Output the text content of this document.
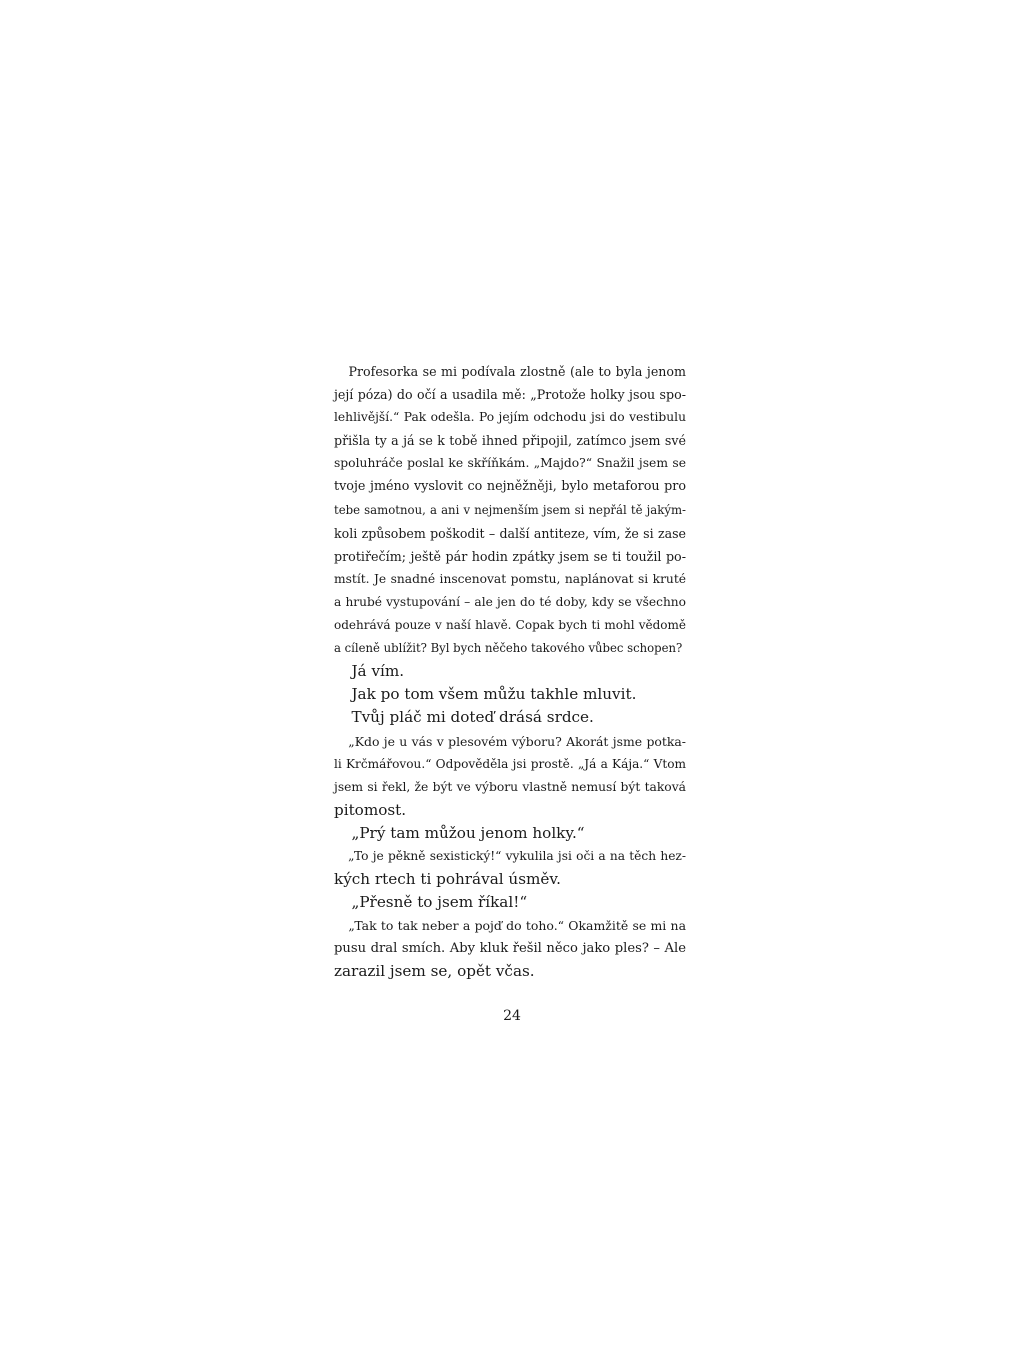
Profesorka se mi podívala zlostně (ale to byla jenom
její póza) do očí a usadila mě: „Protože holky jsou spo-
lehlivější.“ Pak odešla. Po jejím odchodu jsi do vestibulu
přišla ty a já se k tobě ihned připojil, zatímco jsem své
spoluhráče poslal ke skříňkám. „Majdo?“ Snažil jsem se
tvoje jméno vyslovit co nejněžněji, bylo metaforou pro
tebe samotnou, a ani v nejmenším jsem si nepřál tě jakým-
koli způsobem poškodit – další antiteze, vím, že si zase
protiřečím; ještě pár hodin zpátky jsem se ti toužil po-
mstít. Je snadné inscenovat pomstu, naplánovat si kruté
a hrubé vystupování – ale jen do té doby, kdy se všechno
odehrává pouze v naší hlavě. Copak bych ti mohl vědomě
a cíleně ublížit? Byl bych něčeho takového vůbec schopen?
Já vím.
Jak po tom všem můžu takhle mluvit.
Tvůj pláč mi doteď drásá srdce.
„Kdo je u vás v plesovém výboru? Akorát jsme potka-
li Krčmářovou.“ Odpověděla jsi prostě. „Já a Kája.“ Vtom
jsem si řekl, že být ve výboru vlastně nemusí být taková
pitomost.
„Prý tam můžou jenom holky.“
„To je pěkně sexistický!“ vykulila jsi oči a na těch hez-
kých rtech ti pohrával úsměv.
„Přesně to jsem říkal!“
„Tak to tak neber a pojď do toho.“ Okamžitě se mi na
pusu dral smích. Aby kluk řešil něco jako ples? – Ale
zarazil jsem se, opět včas.
24
